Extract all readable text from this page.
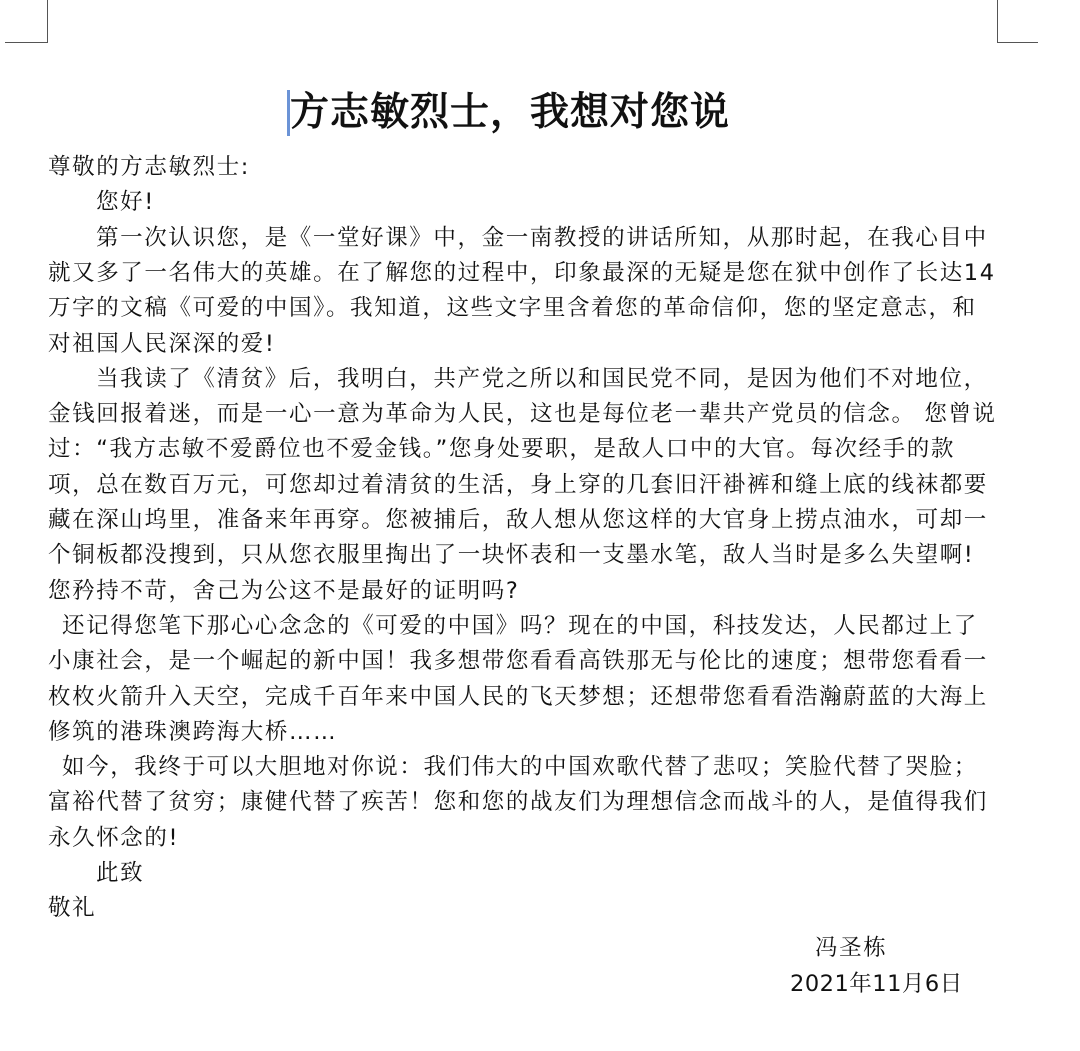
方志敏烈士，我想对您说
尊敬的方志敏烈士:
您好!
第一次认识您，是《一堂好课》中，金一南教授的讲话所知，从那时起，在我心目中
就又多了一名伟大的英雄。在了解您的过程中，印象最深的无疑是您在狱中创作了长达14
万字的文稿《可爱的中国》。我知道，这些文字里含着您的革命信仰，您的坚定意志，和
对祖国人民深深的爱!
当我读了《清贫》后，我明白，共产党之所以和国民党不同，是因为他们不对地位，
金钱回报着迷，而是一心一意为革命为人民，这也是每位老一辈共产党员的信念。 您曾说
过：“我方志敏不爱爵位也不爱金钱。”您身处要职，是敌人口中的大官。每次经手的款
项，总在数百万元，可您却过着清贫的生活，身上穿的几套旧汗褂裤和缝上底的线袜都要
藏在深山坞里，准备来年再穿。您被捕后，敌人想从您这样的大官身上捞点油水，可却一
个铜板都没搜到，只从您衣服里掏出了一块怀表和一支墨水笔，敌人当时是多么失望啊!
您矜持不苛，舍己为公这不是最好的证明吗?
还记得您笔下那心心念念的《可爱的中国》吗？现在的中国，科技发达，人民都过上了
小康社会，是一个崛起的新中国！我多想带您看看高铁那无与伦比的速度；想带您看看一
枚枚火箭升入天空，完成千百年来中国人民的飞天梦想；还想带您看看浩瀚蔚蓝的大海上
修筑的港珠澳跨海大桥……
如今，我终于可以大胆地对你说：我们伟大的中国欢歌代替了悲叹；笑脸代替了哭脸；
富裕代替了贫穷；康健代替了疾苦！您和您的战友们为理想信念而战斗的人，是值得我们
永久怀念的!
此致
敬礼
冯圣栋
2021年11月6日
